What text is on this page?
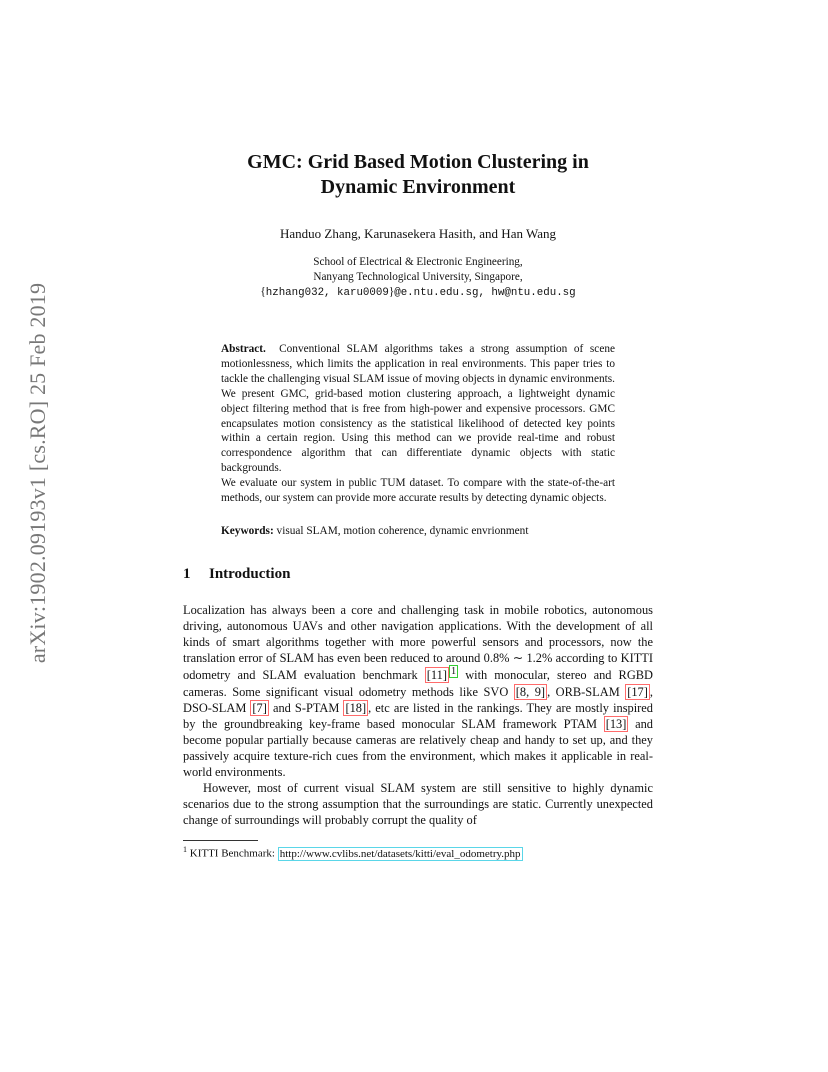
arXiv:1902.09193v1 [cs.RO] 25 Feb 2019
GMC: Grid Based Motion Clustering in
Dynamic Environment
Handuo Zhang, Karunasekera Hasith, and Han Wang
School of Electrical & Electronic Engineering,
Nanyang Technological University, Singapore,
{hzhang032, karu0009}@e.ntu.edu.sg, hw@ntu.edu.sg

Abstract. Conventional SLAM algorithms takes a strong assumption of scene motionlessness, which limits the application in real environments. This paper tries to tackle the challenging visual SLAM issue of moving objects in dynamic environments. We present GMC, grid-based motion clustering approach, a lightweight dynamic object filtering method that is free from high-power and expensive processors. GMC encapsulates motion consistency as the statistical likelihood of detected key points within a certain region. Using this method can we provide real-time and robust correspondence algorithm that can differentiate dynamic objects with static backgrounds.

We evaluate our system in public TUM dataset. To compare with the state-of-the-art methods, our system can provide more accurate results by detecting dynamic objects.

Keywords: visual SLAM, motion coherence, dynamic envrionment
1 Introduction

Localization has always been a core and challenging task in mobile robotics, autonomous driving, autonomous UAVs and other navigation applications. With the development of all kinds of smart algorithms together with more powerful sensors and processors, now the translation error of SLAM has even been reduced to around 0.8% ∼ 1.2% according to KITTI odometry and SLAM evaluation benchmark [11] $^1$ with monocular, stereo and RGBD cameras. Some significant visual odometry methods like SVO [8, 9] , ORB-SLAM [17] , DSO-SLAM [7] and S-PTAM [18] , etc are listed in the rankings. They are mostly inspired by the groundbreaking key-frame based monocular SLAM framework PTAM [13] and become popular partially because cameras are relatively cheap and handy to set up, and they passively acquire texture-rich cues from the environment, which makes it applicable in real-world environments.

However, most of current visual SLAM system are still sensitive to highly dynamic scenarios due to the strong assumption that the surroundings are static. Currently unexpected change of surroundings will probably corrupt the quality of

$^1$ KITTI Benchmark: http://www.cvlibs.net/datasets/kitti/eval_odometry.php
